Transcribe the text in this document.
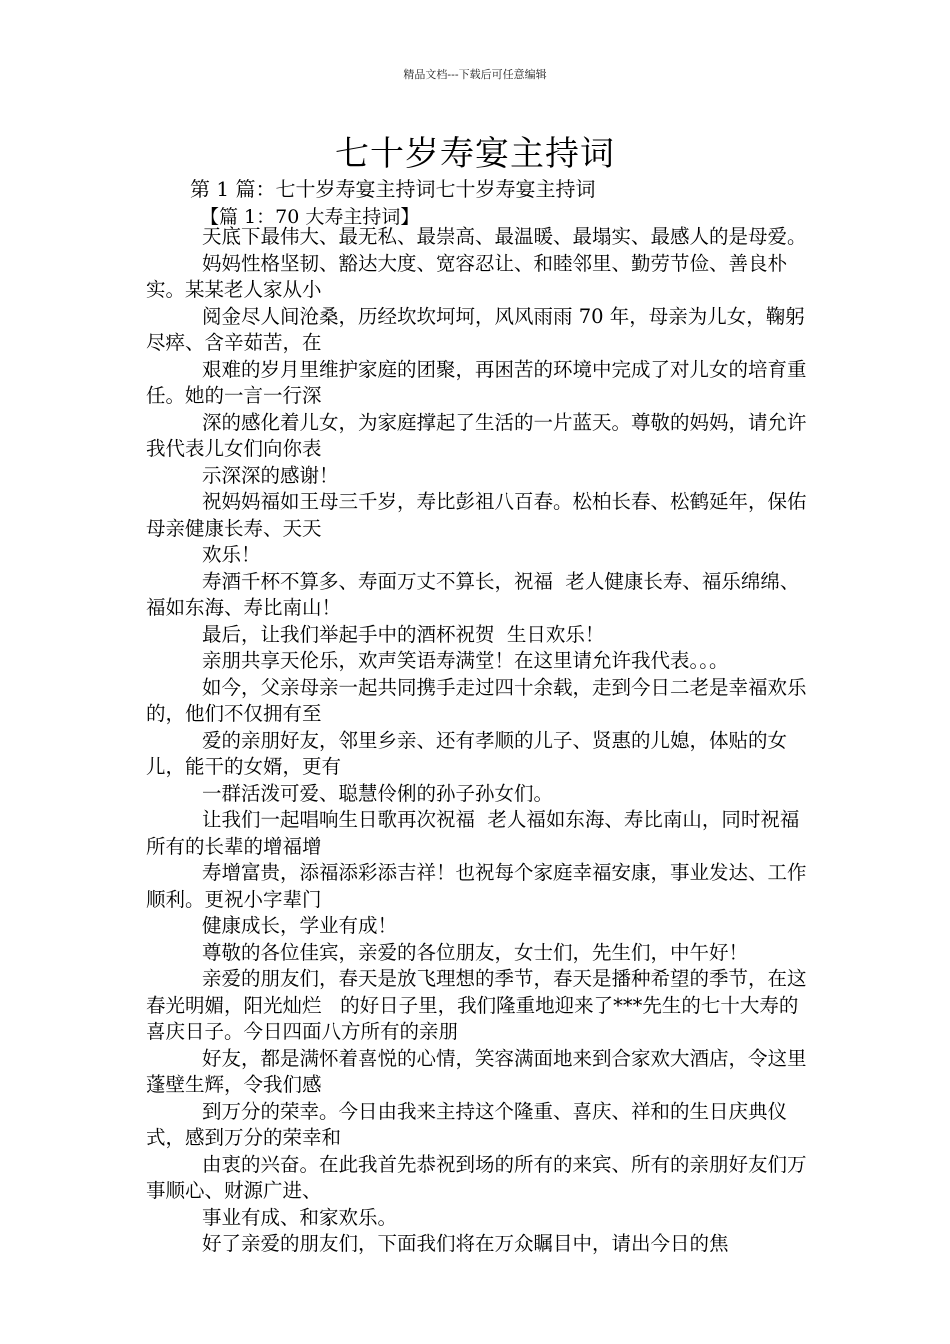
精品文档---下载后可任意编辑
七十岁寿宴主持词
第 1 篇：七十岁寿宴主持词七十岁寿宴主持词
【篇 1：70 大寿主持词】

天底下最伟大、最无私、最崇高、最温暖、最塌实、最感人的是母爱。

妈妈性格坚韧、豁达大度、宽容忍让、和睦邻里、勤劳节俭、善良朴实。某某老人家从小

阅金尽人间沧桑，历经坎坎坷坷，风风雨雨 70 年，母亲为儿女，鞠躬尽瘁、含辛茹苦，在

艰难的岁月里维护家庭的团聚，再困苦的环境中完成了对儿女的培育重任。她的一言一行深

深的感化着儿女，为家庭撑起了生活的一片蓝天。尊敬的妈妈，请允许我代表儿女们向你表

示深深的感谢！

祝妈妈福如王母三千岁，寿比彭祖八百春。松柏长春、松鹤延年，保佑母亲健康长寿、天天

欢乐！

寿酒千杯不算多、寿面万丈不算长，祝福  老人健康长寿、福乐绵绵、福如东海、寿比南山！

最后，让我们举起手中的酒杯祝贺  生日欢乐！

亲朋共享天伦乐，欢声笑语寿满堂！在这里请允许我代表。。。

如今，父亲母亲一起共同携手走过四十余载，走到今日二老是幸福欢乐的，他们不仅拥有至

爱的亲朋好友，邻里乡亲、还有孝顺的儿子、贤惠的儿媳，体贴的女儿，能干的女婿，更有

一群活泼可爱、聪慧伶俐的孙子孙女们。

让我们一起唱响生日歌再次祝福  老人福如东海、寿比南山，同时祝福所有的长辈的增福增

寿增富贵，添福添彩添吉祥！也祝每个家庭幸福安康，事业发达、工作顺利。更祝小字辈门

健康成长，学业有成！

尊敬的各位佳宾，亲爱的各位朋友，女士们，先生们，中午好！

亲爱的朋友们，春天是放飞理想的季节，春天是播种希望的季节，在这春光明媚，阳光灿烂   的好日子里，我们隆重地迎来了***先生的七十大寿的喜庆日子。今日四面八方所有的亲朋

好友，都是满怀着喜悦的心情，笑容满面地来到合家欢大酒店，令这里蓬壁生辉，令我们感

到万分的荣幸。今日由我来主持这个隆重、喜庆、祥和的生日庆典仪式，感到万分的荣幸和

由衷的兴奋。在此我首先恭祝到场的所有的来宾、所有的亲朋好友们万事顺心、财源广进、

事业有成、和家欢乐。

好了亲爱的朋友们，下面我们将在万众瞩目中，请出今日的焦
